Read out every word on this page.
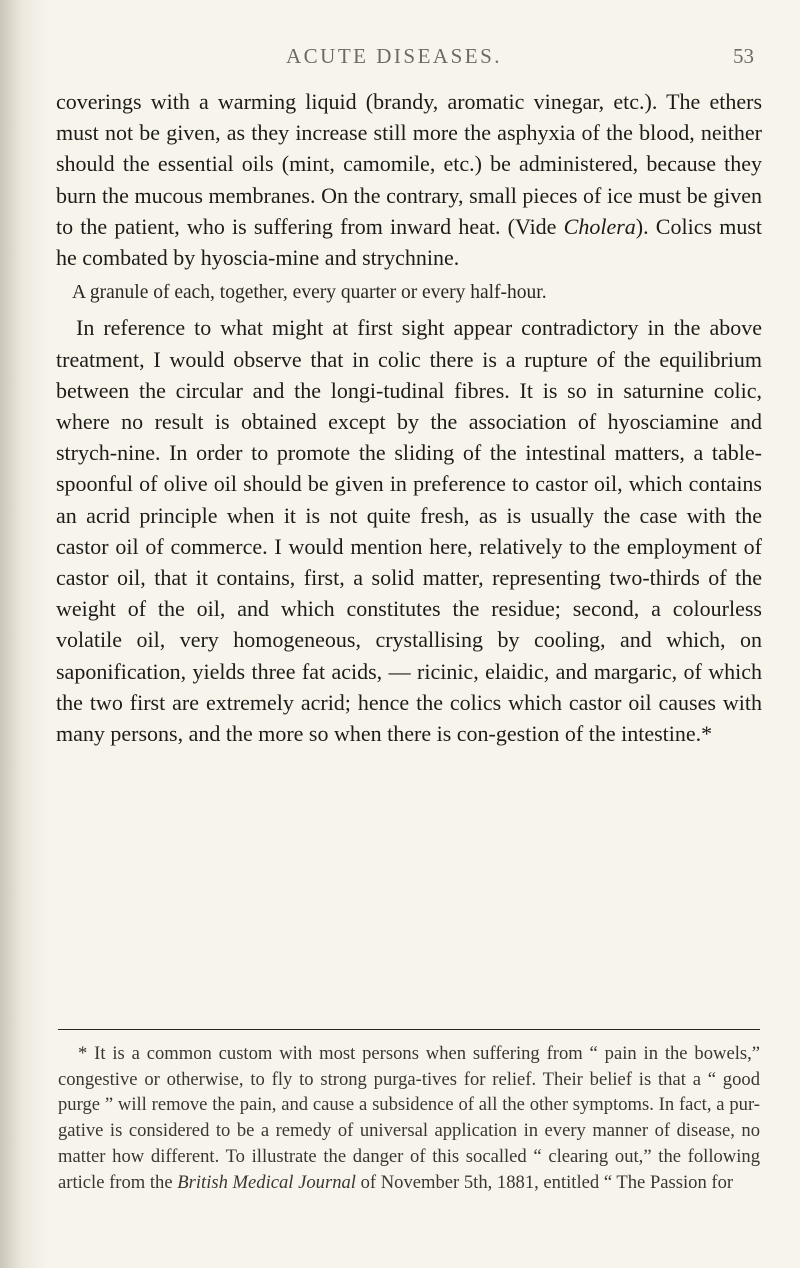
ACUTE DISEASES.	53

coverings with a warming liquid (brandy, aromatic vinegar, etc.). The ethers must not be given, as they increase still more the asphyxia of the blood, neither should the essential oils (mint, camomile, etc.) be administered, because they burn the mucous membranes. On the contrary, small pieces of ice must be given to the patient, who is suffering from inward heat. (Vide Cholera). Colics must he combated by hyoscia-mine and strychnine.

A granule of each, together, every quarter or every half-hour.

In reference to what might at first sight appear contradictory in the above treatment, I would observe that in colic there is a rupture of the equilibrium between the circular and the longi-tudinal fibres. It is so in saturnine colic, where no result is obtained except by the association of hyosciamine and strych-nine. In order to promote the sliding of the intestinal matters, a table-spoonful of olive oil should be given in preference to castor oil, which contains an acrid principle when it is not quite fresh, as is usually the case with the castor oil of commerce. I would mention here, relatively to the employment of castor oil, that it contains, first, a solid matter, representing two-thirds of the weight of the oil, and which constitutes the residue; second, a colourless volatile oil, very homogeneous, crystallising by cooling, and which, on saponification, yields three fat acids, — ricinic, elaidic, and margaric, of which the two first are extremely acrid; hence the colics which castor oil causes with many persons, and the more so when there is con-gestion of the intestine.*

* It is a common custom with most persons when suffering from “ pain in the bowels,” congestive or otherwise, to fly to strong purga-tives for relief. Their belief is that a “ good purge ” will remove the pain, and cause a subsidence of all the other symptoms. In fact, a pur-gative is considered to be a remedy of universal application in every manner of disease, no matter how different. To illustrate the danger of this socalled “ clearing out,” the following article from the British Medical Journal of November 5th, 1881, entitled “ The Passion for
